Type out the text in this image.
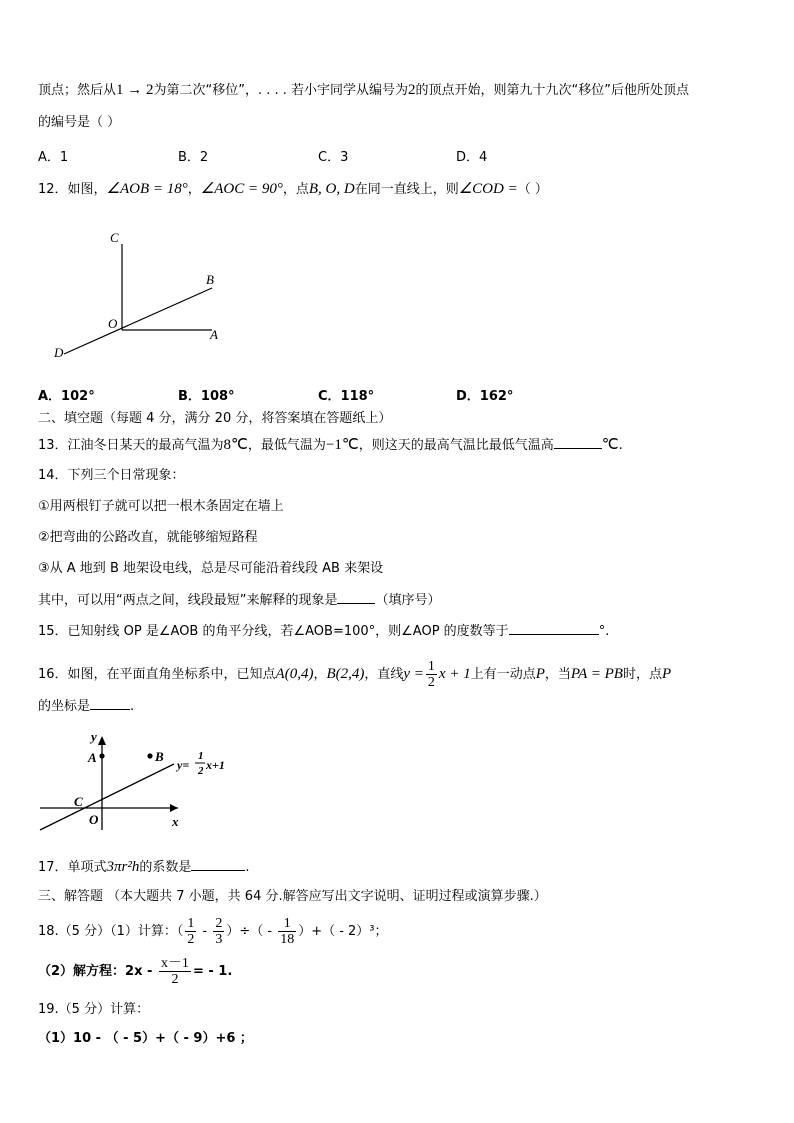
顶点；然后从1 → 2为第二次“移位”，. . . . 若小宇同学从编号为2的顶点开始，则第九十九次“移位”后他所处顶点
的编号是（ ）
A．1	B．2	C．3	D．4
12．如图，∠AOB = 18°，∠AOC = 90°，点B, O, D在同一直线上，则∠COD =（ ）
C
B
O
A
D
A．102°	B．108°	C．118°	D．162°
二、填空题（每题 4 分，满分 20 分，将答案填在答题纸上）
13．江油冬日某天的最高气温为8℃，最低气温为−1℃，则这天的最高气温比最低气温高	℃.
14．下列三个日常现象：
①用两根钉子就可以把一根木条固定在墙上
②把弯曲的公路改直，就能够缩短路程
③从 A 地到 B 地架设电线，总是尽可能沿着线段 AB 来架设
其中，可以用“两点之间，线段最短”来解释的现象是	（填序号）
15．已知射线 OP 是∠AOB 的角平分线，若∠AOB=100°，则∠AOP 的度数等于	°.
16．如图，在平面直角坐标系中，已知点A(0,4)，B(2,4)，直线$y = \frac{1}{2}$ x + 1上有一动点P，当PA = PB时，点P
的坐标是	.
y
A	B
C
O	x
y=
1
2 x+1
17．单项式3πr²h的系数是	.
三、解答题 （本大题共 7 小题，共 64 分.解答应写出文字说明、证明过程或演算步骤.）
18.（5 分）（1）计算：（ $\frac{1}{2} - \frac{2}{3}$ ）÷（ - $\frac{1}{18}$ ）+（ - 2）³；
（2）解方程：$2x - \frac{x-1}{2}$ = - 1.
19.（5 分）计算：
（1）10 - （ - 5）+（ - 9）+6 ；
